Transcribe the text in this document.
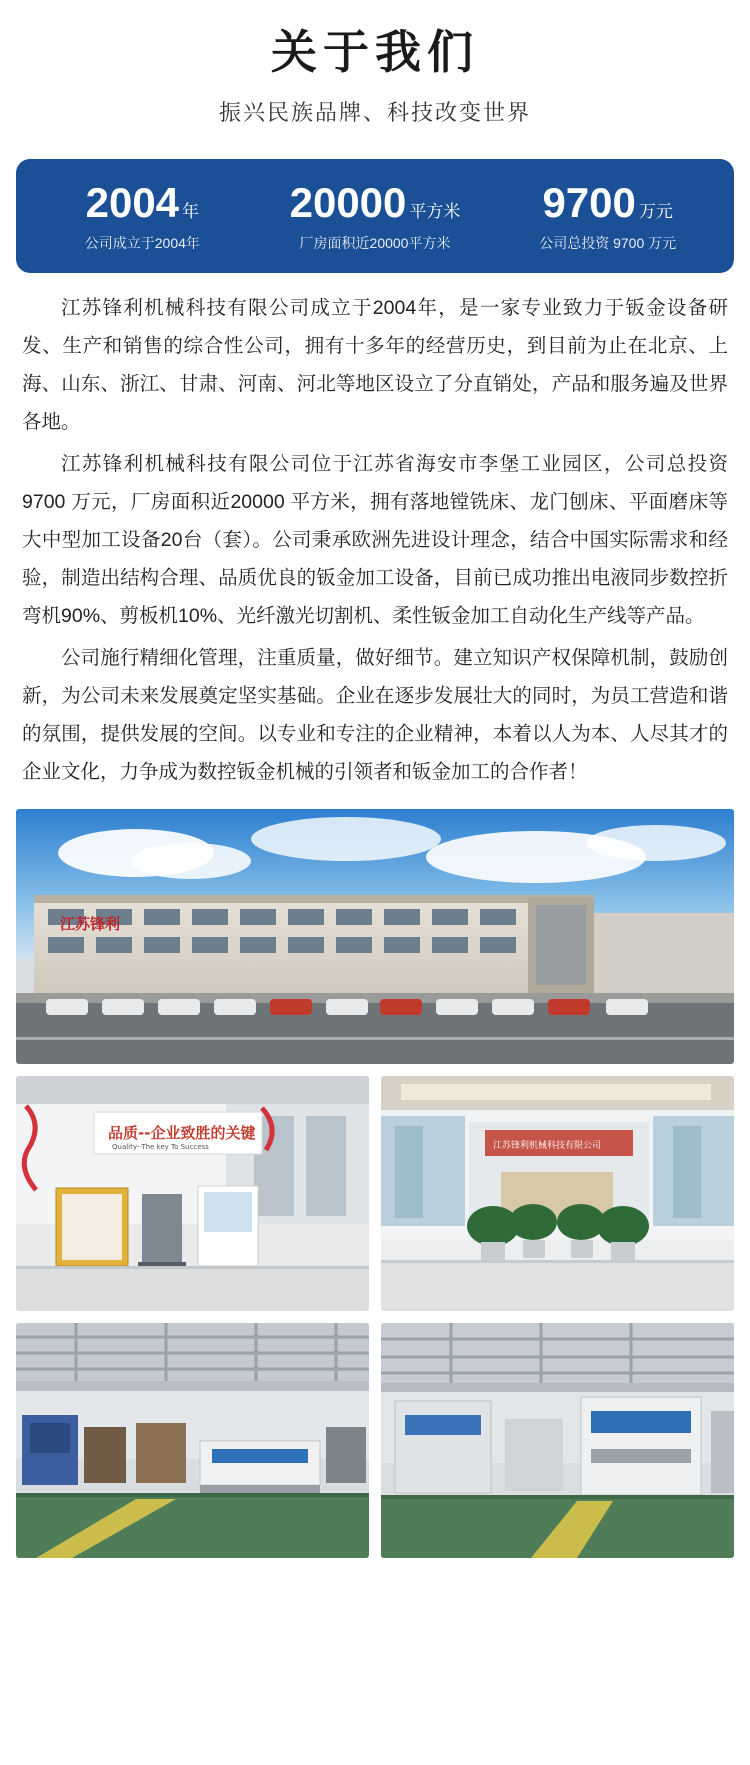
关于我们
振兴民族品牌、科技改变世界
2004 年
公司成立于2004年
20000 平方米
厂房面积近20000平方米
9700 万元
公司总投资 9700 万元

江苏锋利机械科技有限公司成立于2004年，是一家专业致力于钣金设备研发、生产和销售的综合性公司，拥有十多年的经营历史，到目前为止在北京、上海、山东、浙江、甘肃、河南、河北等地区设立了分直销处，产品和服务遍及世界各地。

江苏锋利机械科技有限公司位于江苏省海安市李堡工业园区，公司总投资 9700 万元，厂房面积近20000 平方米，拥有落地镗铣床、龙门刨床、平面磨床等大中型加工设备20台（套）。公司秉承欧洲先进设计理念，结合中国实际需求和经验，制造出结构合理、品质优良的钣金加工设备，目前已成功推出电液同步数控折弯机90%、剪板机10%、光纤激光切割机、柔性钣金加工自动化生产线等产品。

公司施行精细化管理，注重质量，做好细节。建立知识产权保障机制，鼓励创新，为公司未来发展奠定坚实基础。企业在逐步发展壮大的同时，为员工营造和谐的氛围，提供发展的空间。以专业和专注的企业精神，本着以人为本、人尽其才的企业文化，力争成为数控钣金机械的引领者和钣金加工的合作者！

江苏锋利
品质--企业致胜的关键
Quality--The key To Success	江苏锋利机械科技有限公司
